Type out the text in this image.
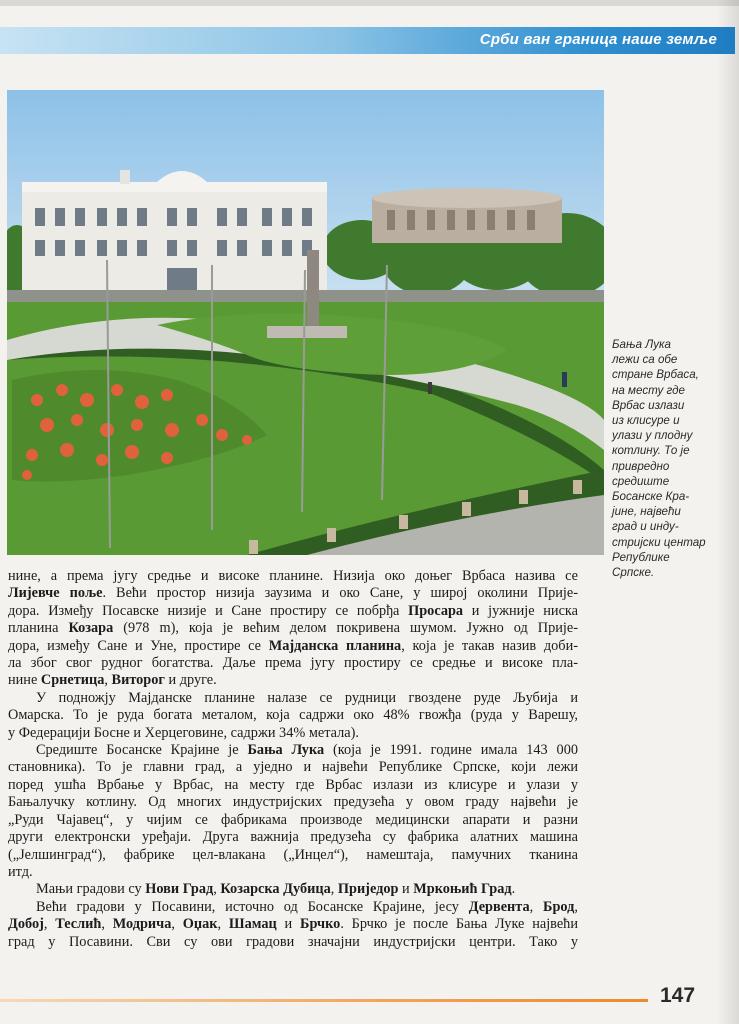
Срби ван граница наше земље
Бања Лука
лежи са обе
стране Врбаса,
на месту где
Врбас излази
из клисуре и
улази у плодну
котлину. То је
привредно
средиште
Босанске Кра-
јине, највећи
град и инду-
стријски центар
Републике
Српске.
нине, а према југу средње и високе планине. Низија око доњег Врбаса назива се
Лијевче поље. Већи простор низија заузима и око Сане, у широј околини Прије-
дора. Између Посавске низије и Сане простиру се побрђа Просара и јужније ниска
планина Козара (978 m), која је већим делом покривена шумом. Јужно од Прије-
дора, између Сане и Уне, простире се Мајданска планина, која је такав назив доби-
ла због свог рудног богатства. Даље према југу простиру се средње и високе пла-
нине Срнетица, Виторог и друге.
У подножју Мајданске планине налазе се рудници гвоздене руде Љубија и
Омарска. То је руда богата металом, која садржи око 48% гвожђа (руда у Варешу,
у Федерацији Босне и Херцеговине, садржи 34% метала).
Средиште Босанске Крајине је Бања Лука (која је 1991. године имала 143 000
становника). То је главни град, а уједно и највећи Републике Српске, који лежи
поред ушћа Врбање у Врбас, на месту где Врбас излази из клисуре и улази у
Бањалучку котлину. Од многих индустријских предузећа у овом граду највећи је
„Руди Чајавец“, у чијим се фабрикама производе медицински апарати и разни
други електронски уређаји. Друга важнија предузећа су фабрика алатних машина
(„Јелшинград“), фабрике цел-влакана („Инцел“), намештаја, памучних тканина
итд.
Мањи градови су Нови Град, Козарска Дубица, Приједор и Мркоњић Град.
Већи градови у Посавини, источно од Босанске Крајине, јесу Дервента, Брод,
Добој, Теслић, Модрича, Оџак, Шамац и Брчко. Брчко је после Бања Луке највећи
град у Посавини. Сви су ови градови значајни индустријски центри. Тако у
147
